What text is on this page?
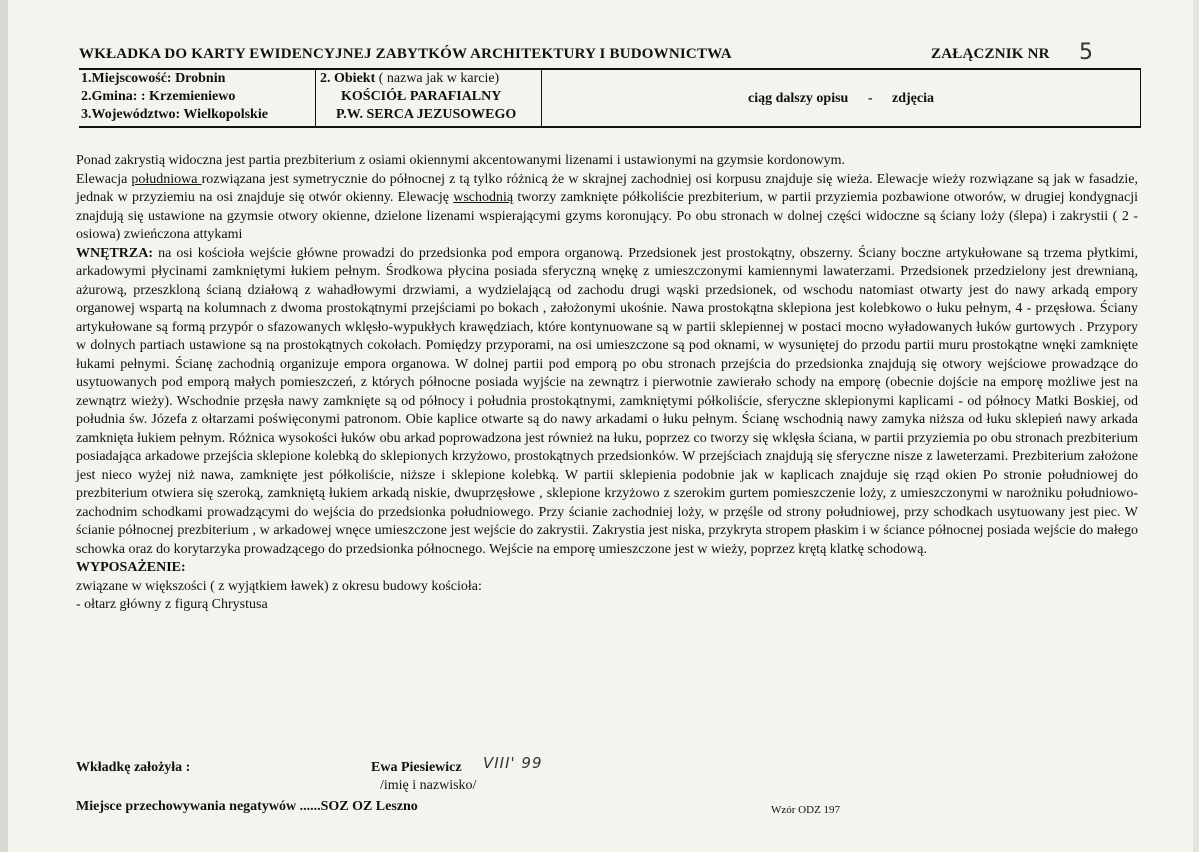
WKŁADKA DO KARTY EWIDENCYJNEJ ZABYTKÓW ARCHITEKTURY I BUDOWNICTWA	ZAŁĄCZNIK NR 5
1.Miejscowość: Drobnin
2.Gmina: : Krzemieniewo
3.Województwo: Wielkopolskie
2. Obiekt ( nazwa jak w karcie)
KOŚCIÓŁ PARAFIALNY
P.W. SERCA JEZUSOWEGO
ciąg dalszy opisu - zdjęcia

Ponad zakrystią widoczna jest partia prezbiterium z osiami okiennymi akcentowanymi lizenami i ustawionymi na gzymsie kordonowym.

Elewacja południowa rozwiązana jest symetrycznie do północnej z tą tylko różnicą że w skrajnej zachodniej osi korpusu znajduje się wieża. Elewacje wieży rozwiązane są jak w fasadzie, jednak w przyziemiu na osi znajduje się otwór okienny. Elewację wschodnią tworzy zamknięte półkoliście prezbiterium, w partii przyziemia pozbawione otworów, w drugiej kondygnacji znajdują się ustawione na gzymsie otwory okienne, dzielone lizenami wspierającymi gzyms koronujący. Po obu stronach w dolnej części widoczne są ściany loży (ślepa) i zakrystii ( 2 - osiowa) zwieńczona attykami

WNĘTRZA: na osi kościoła wejście główne prowadzi do przedsionka pod empora organową. Przedsionek jest prostokątny, obszerny. Ściany boczne artykułowane są trzema płytkimi, arkadowymi płycinami zamkniętymi łukiem pełnym. Środkowa płycina posiada sferyczną wnękę z umieszczonymi kamiennymi lawaterzami. Przedsionek przedzielony jest drewnianą, ażurową, przeszkloną ścianą działową z wahadłowymi drzwiami, a wydzielającą od zachodu drugi wąski przedsionek, od wschodu natomiast otwarty jest do nawy arkadą empory organowej wspartą na kolumnach z dwoma prostokątnymi przejściami po bokach , założonymi ukośnie. Nawa prostokątna sklepiona jest kolebkowo o łuku pełnym, 4 - przęsłowa. Ściany artykułowane są formą przypór o sfazowanych wklęsło-wypukłych krawędziach, które kontynuowane są w partii sklepiennej w postaci mocno wyładowanych łuków gurtowych . Przypory w dolnych partiach ustawione są na prostokątnych cokołach. Pomiędzy przyporami, na osi umieszczone są pod oknami, w wysuniętej do przodu partii muru prostokątne wnęki zamknięte łukami pełnymi. Ścianę zachodnią organizuje empora organowa. W dolnej partii pod emporą po obu stronach przejścia do przedsionka znajdują się otwory wejściowe prowadzące do usytuowanych pod emporą małych pomieszczeń, z których północne posiada wyjście na zewnątrz i pierwotnie zawierało schody na emporę (obecnie dojście na emporę możliwe jest na zewnątrz wieży). Wschodnie przęsła nawy zamknięte są od północy i południa prostokątnymi, zamkniętymi półkoliście, sferyczne sklepionymi kaplicami - od północy Matki Boskiej, od południa św. Józefa z ołtarzami poświęconymi patronom. Obie kaplice otwarte są do nawy arkadami o łuku pełnym. Ścianę wschodnią nawy zamyka niższa od łuku sklepień nawy arkada zamknięta łukiem pełnym. Różnica wysokości łuków obu arkad poprowadzona jest również na łuku, poprzez co tworzy się wklęsła ściana, w partii przyziemia po obu stronach prezbiterium posiadająca arkadowe przejścia sklepione kolebką do sklepionych krzyżowo, prostokątnych przedsionków. W przejściach znajdują się sferyczne nisze z laweterzami. Prezbiterium założone jest nieco wyżej niż nawa, zamknięte jest półkoliście, niższe i sklepione kolebką. W partii sklepienia podobnie jak w kaplicach znajduje się rząd okien Po stronie południowej do prezbiterium otwiera się szeroką, zamkniętą łukiem arkadą niskie, dwuprzęsłowe , sklepione krzyżowo z szerokim gurtem pomieszczenie loży, z umieszczonymi w narożniku południowo- zachodnim schodkami prowadzącymi do wejścia do przedsionka południowego. Przy ścianie zachodniej loży, w przęśle od strony południowej, przy schodkach usytuowany jest piec. W ścianie północnej prezbiterium , w arkadowej wnęce umieszczone jest wejście do zakrystii. Zakrystia jest niska, przykryta stropem płaskim i w ściance północnej posiada wejście do małego schowka oraz do korytarzyka prowadzącego do przedsionka północnego. Wejście na emporę umieszczone jest w wieży, poprzez krętą klatkę schodową.

WYPOSAŻENIE:

związane w większości ( z wyjątkiem ławek) z okresu budowy kościoła:

- ołtarz główny z figurą Chrystusa

Wkładkę założyła :	Ewa Piesiewicz VIII' 99
/imię i nazwisko/
Miejsce przechowywania negatywów ......SOZ OZ Leszno	Wzór ODZ 197
